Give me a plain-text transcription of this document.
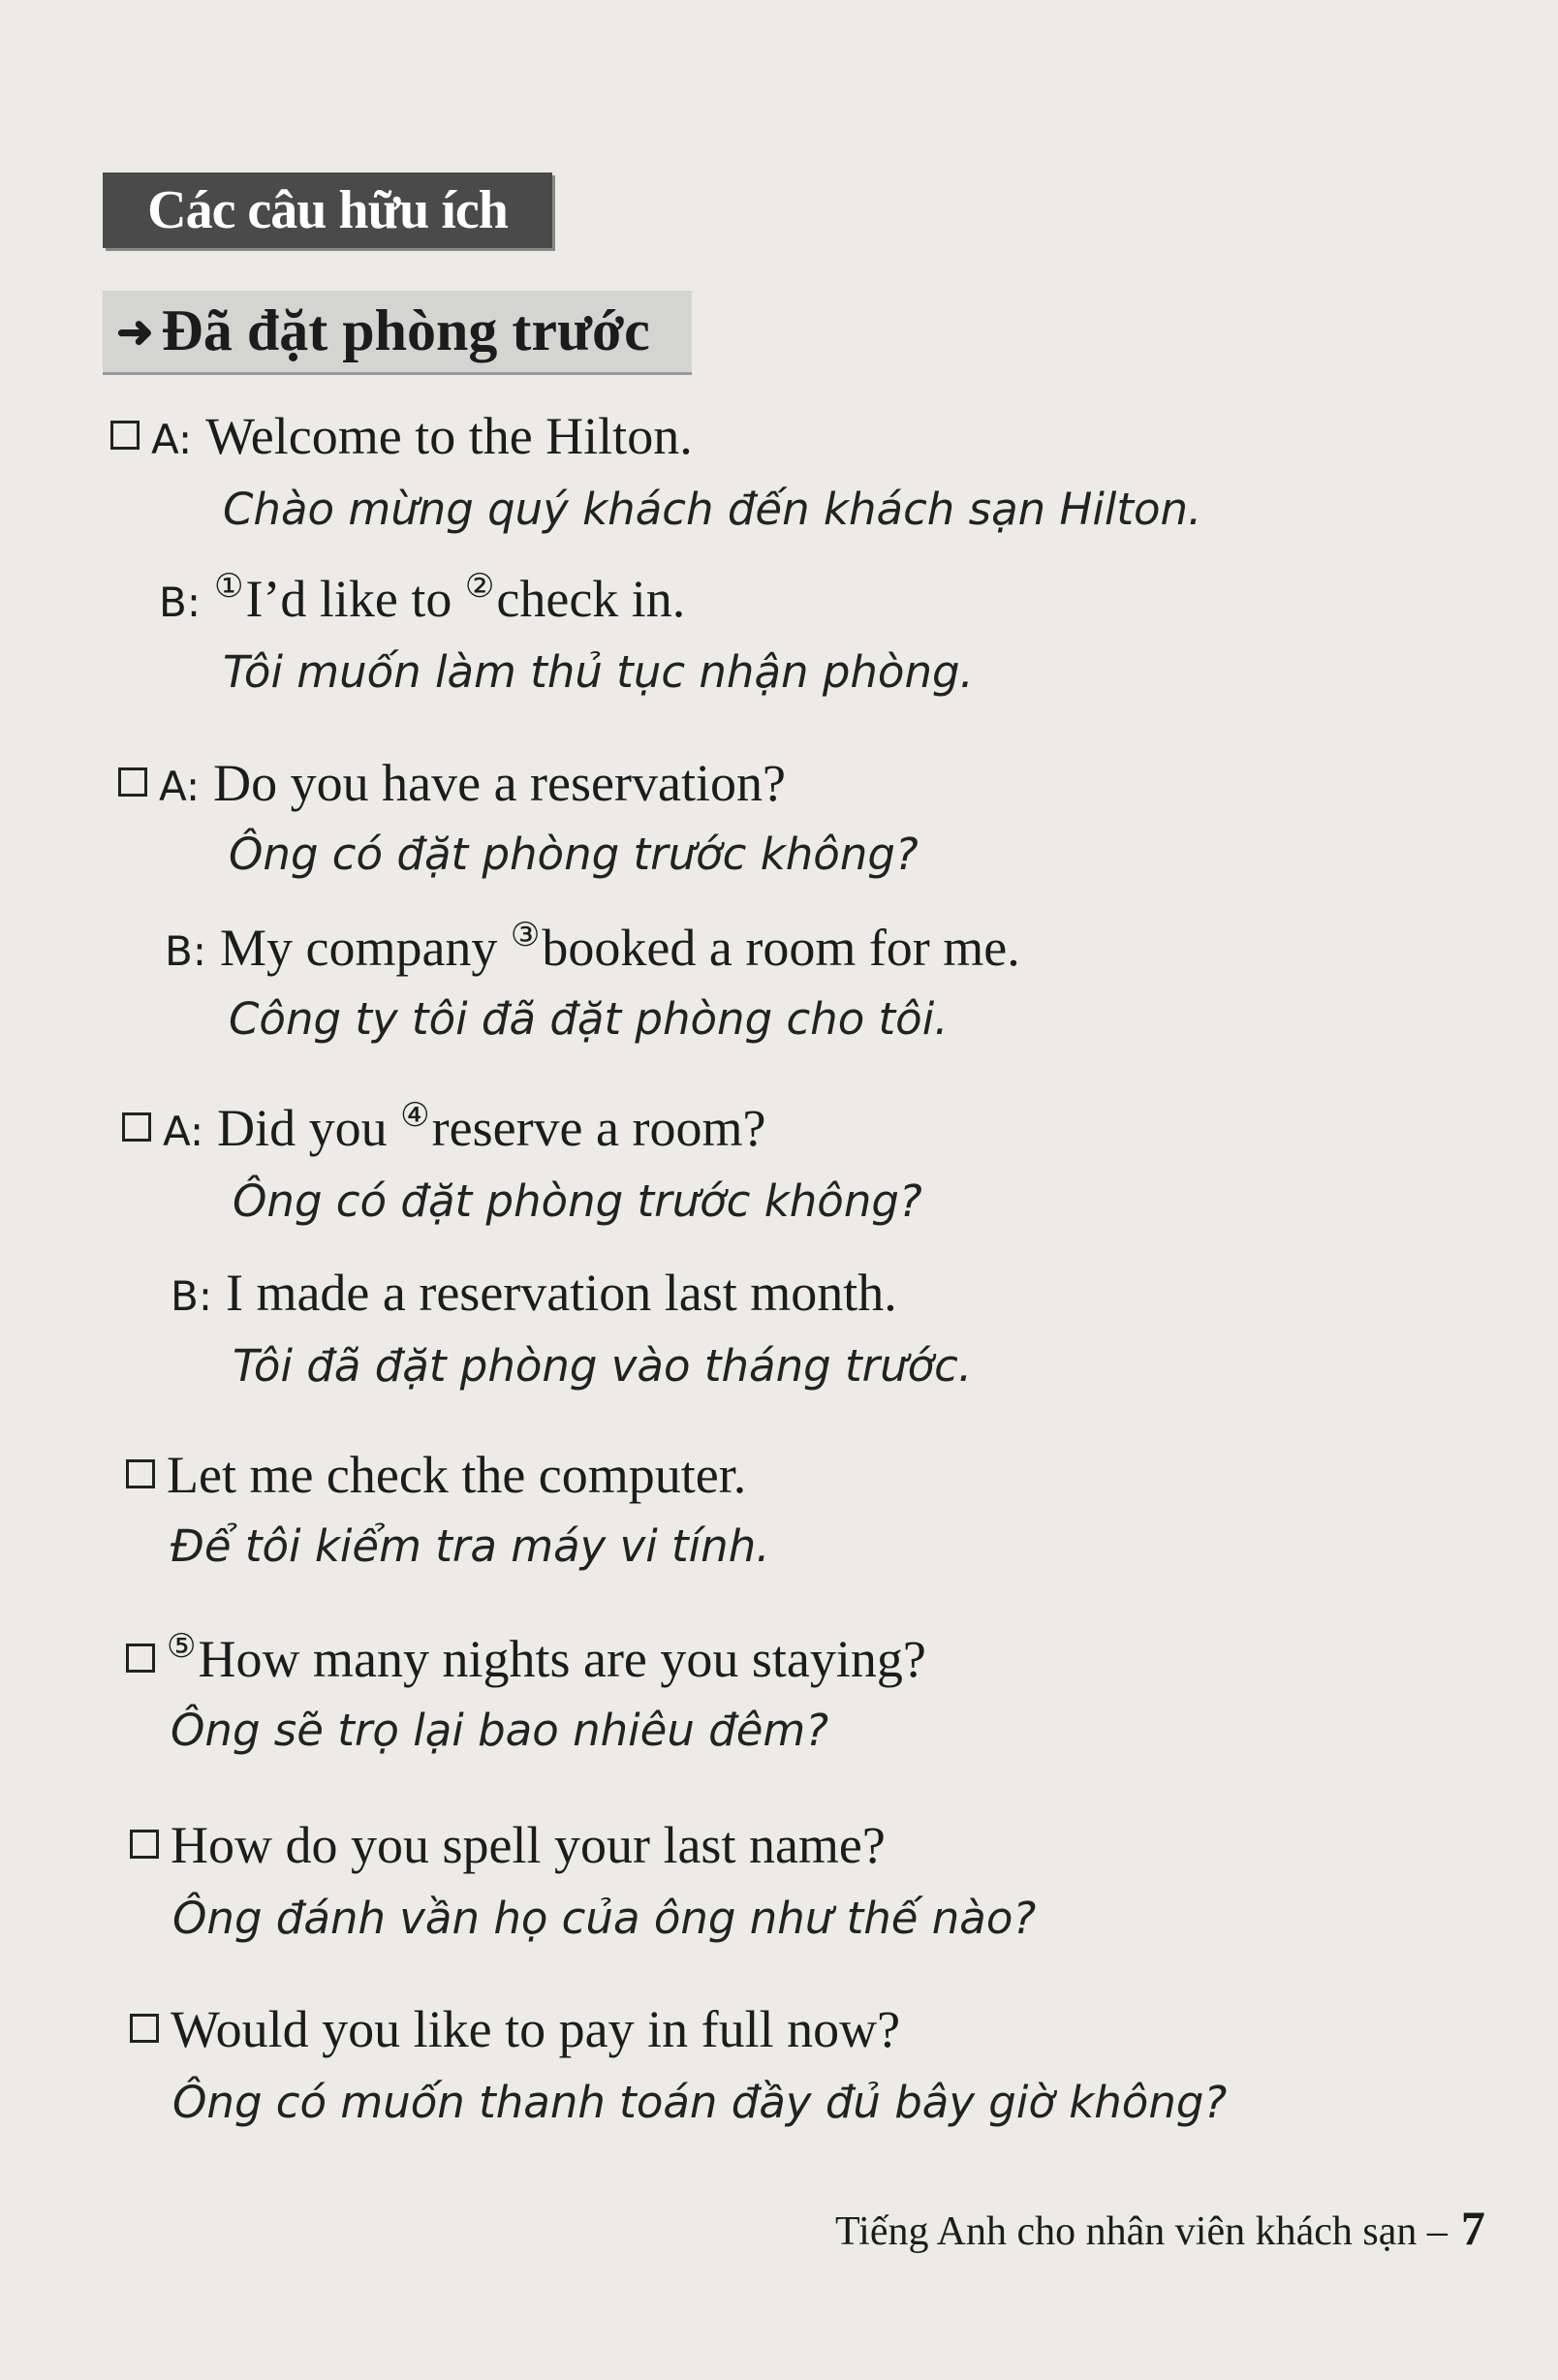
Các câu hữu ích
➜ Đã đặt phòng trước
A: Welcome to the Hilton.
Chào mừng quý khách đến khách sạn Hilton.
B: ①I’d like to ②check in.
Tôi muốn làm thủ tục nhận phòng.
A: Do you have a reservation?
Ông có đặt phòng trước không?
B: My company ③booked a room for me.
Công ty tôi đã đặt phòng cho tôi.
A: Did you ④reserve a room?
Ông có đặt phòng trước không?
B: I made a reservation last month.
Tôi đã đặt phòng vào tháng trước.
Let me check the computer.
Để tôi kiểm tra máy vi tính.
⑤How many nights are you staying?
Ông sẽ trọ lại bao nhiêu đêm?
How do you spell your last name?
Ông đánh vần họ của ông như thế nào?
Would you like to pay in full now?
Ông có muốn thanh toán đầy đủ bây giờ không?
Tiếng Anh cho nhân viên khách sạn – 7
